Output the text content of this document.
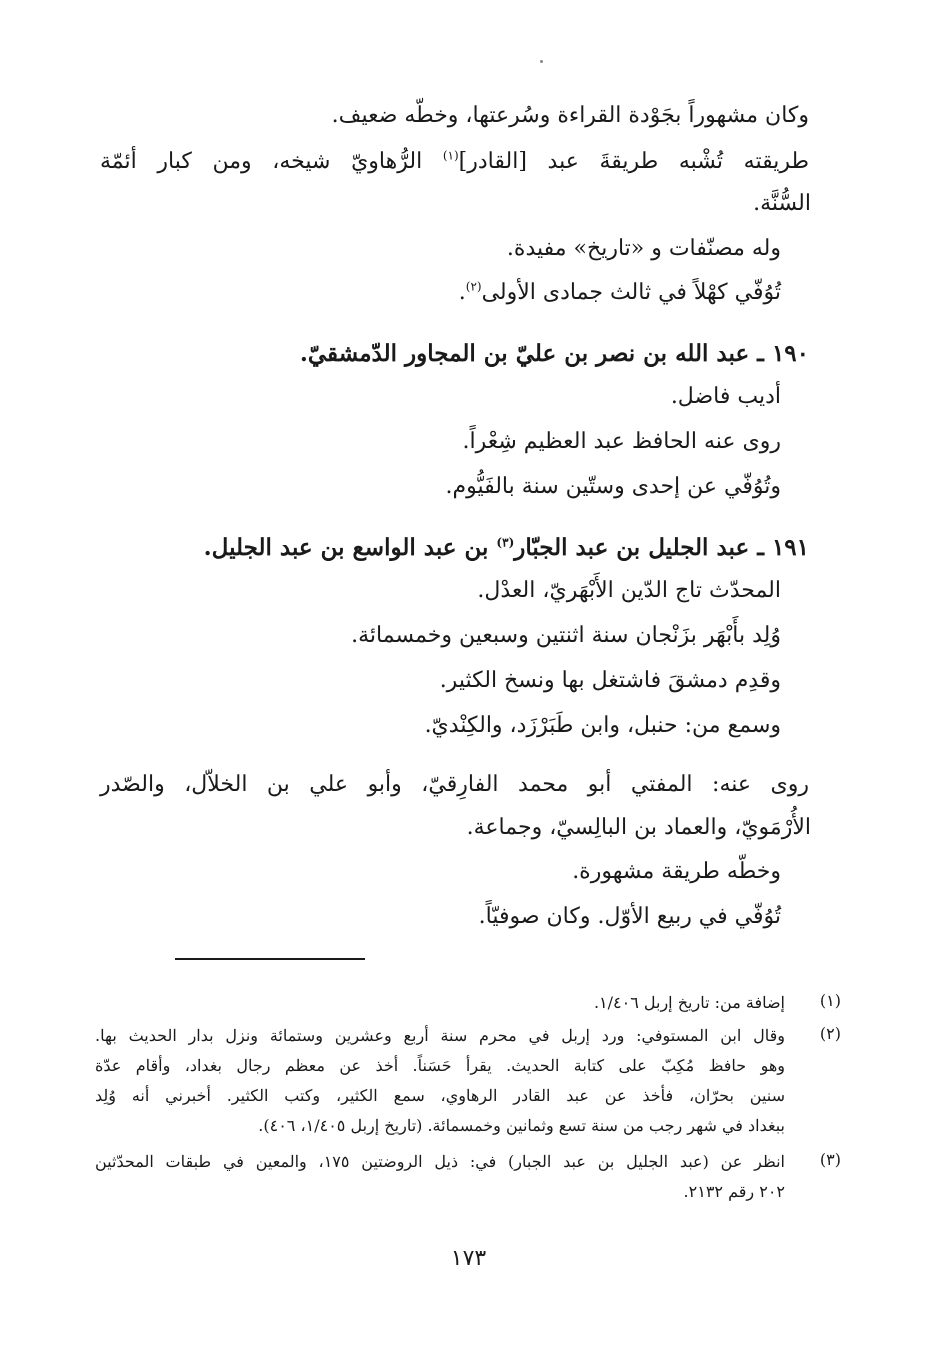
وكان مشهوراً بجَوْدة القراءة وسُرعتها، وخطّه ضعيف.
طريقته تُشْبه طريقةَ عبد [القادر]$^{(١)}$ الرُّهاويّ شيخه، ومن كبار أئمّة
السُّنَّة.
وله مصنّفات و «تاريخ» مفيدة.
تُوُفّي كهْلاً في ثالث جمادى الأولى$^{(٢)}$.
١٩٠ ـ عبد الله بن نصر بن عليّ بن المجاور الدّمشقيّ.
أديب فاضل.
روى عنه الحافظ عبد العظيم شِعْراً.
وتُوُفّي عن إحدى وستّين سنة بالفَيُّوم.
١٩١ ـ عبد الجليل بن عبد الجبّار$^{(٣)}$ بن عبد الواسع بن عبد الجليل.
المحدّث تاج الدّين الأَبْهَريّ، العدْل.
وُلِد بأَبْهَر بزَنْجان سنة اثنتين وسبعين وخمسمائة.
وقدِم دمشقَ فاشتغل بها ونسخ الكثير.
وسمع من: حنبل، وابن طَبَرْزَد، والكِنْديّ.
روى عنه: المفتي أبو محمد الفارِقيّ، وأبو علي بن الخلاّل، والصّدر
الأُرْمَويّ، والعماد بن البالِسيّ، وجماعة.
وخطّه طريقة مشهورة.
تُوُفّي في ربيع الأوّل. وكان صوفيّاً.
(١)
إضافة من: تاريخ إربل ١/٤٠٦.
(٢)
وقال ابن المستوفي: ورد إربل في محرم سنة أربع وعشرين وستمائة ونزل بدار الحديث بها.
وهو حافظ مُكِبّ على كتابة الحديث. يقرأ حَسَناً. أخذ عن معظم رجال بغداد، وأقام عدّة
سنين بحرّان، فأخذ عن عبد القادر الرهاوي، سمع الكثير، وكتب الكثير. أخبرني أنه وُلِد
ببغداد في شهر رجب من سنة تسع وثمانين وخمسمائة. (تاريخ إربل ١/٤٠٥، ٤٠٦).
(٣)
انظر عن (عبد الجليل بن عبد الجبار) في: ذيل الروضتين ١٧٥، والمعين في طبقات المحدّثين
٢٠٢ رقم ٢١٣٢.
١٧٣
